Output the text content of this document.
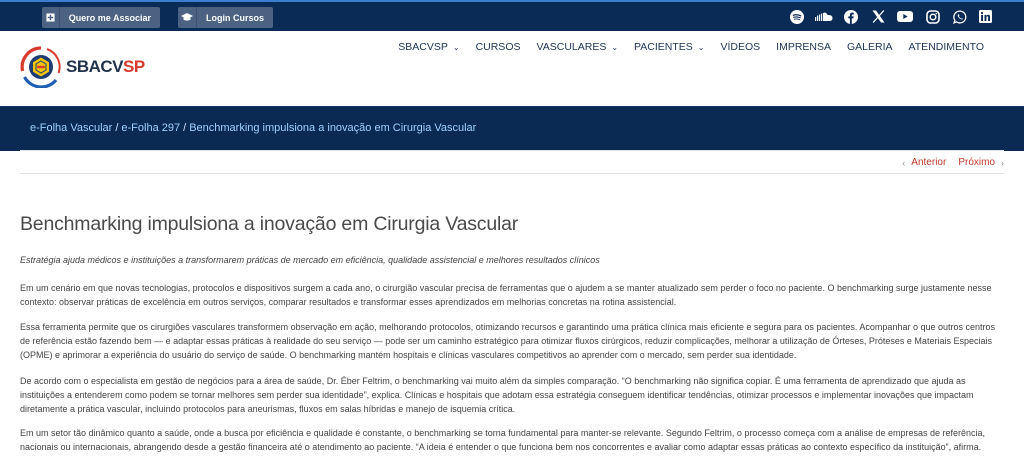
Quero me Associar	Login Cursos
SBACVSP
SBACVSP ⌄ CURSOS VASCULARES ⌄ PACIENTES ⌄ VÍDEOS IMPRENSA GALERIA ATENDIMENTO
e-Folha Vascular / e-Folha 297 / Benchmarking impulsiona a inovação em Cirurgia Vascular
‹ Anterior Próximo ›
Benchmarking impulsiona a inovação em Cirurgia Vascular

Estratégia ajuda médicos e instituições a transformarem práticas de mercado em eficiência, qualidade assistencial e melhores resultados clínicos

Em um cenário em que novas tecnologias, protocolos e dispositivos surgem a cada ano, o cirurgião vascular precisa de ferramentas que o ajudem a se manter atualizado sem perder o foco no paciente. O benchmarking surge justamente nesse contexto: observar práticas de excelência em outros serviços, comparar resultados e transformar esses aprendizados em melhorias concretas na rotina assistencial.

Essa ferramenta permite que os cirurgiões vasculares transformem observação em ação, melhorando protocolos, otimizando recursos e garantindo uma prática clínica mais eficiente e segura para os pacientes. Acompanhar o que outros centros de referência estão fazendo bem — e adaptar essas práticas à realidade do seu serviço — pode ser um caminho estratégico para otimizar fluxos cirúrgicos, reduzir complicações, melhorar a utilização de Órteses, Próteses e Materiais Especiais (OPME) e aprimorar a experiência do usuário do serviço de saúde. O benchmarking mantém hospitais e clínicas vasculares competitivos ao aprender com o mercado, sem perder sua identidade.

De acordo com o especialista em gestão de negócios para a área de saúde, Dr. Éber Feltrim, o benchmarking vai muito além da simples comparação. “O benchmarking não significa copiar. É uma ferramenta de aprendizado que ajuda as instituições a entenderem como podem se tornar melhores sem perder sua identidade”, explica. Clínicas e hospitais que adotam essa estratégia conseguem identificar tendências, otimizar processos e implementar inovações que impactam diretamente a prática vascular, incluindo protocolos para aneurismas, fluxos em salas híbridas e manejo de isquemia crítica.

Em um setor tão dinâmico quanto a saúde, onde a busca por eficiência e qualidade é constante, o benchmarking se torna fundamental para manter-se relevante. Segundo Feltrim, o processo começa com a análise de empresas de referência, nacionais ou internacionais, abrangendo desde a gestão financeira até o atendimento ao paciente. “A ideia é entender o que funciona bem nos concorrentes e avaliar como adaptar essas práticas ao contexto específico da instituição”, afirma.
